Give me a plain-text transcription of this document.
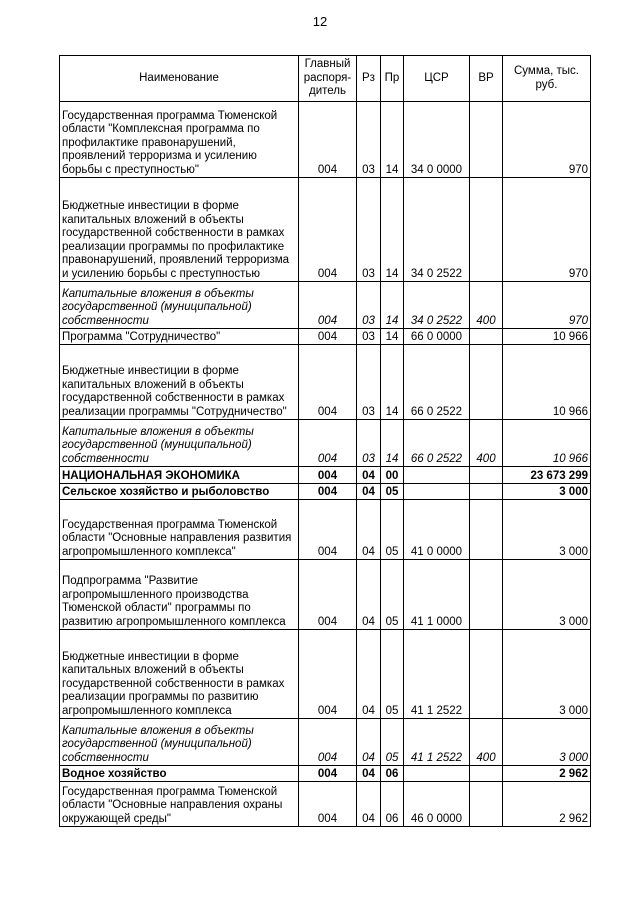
12
Наименование	Главный распоря-дитель	Рз	Пр	ЦСР	ВР	Сумма, тыс. руб.
Государственная программа Тюменской области "Комплексная программа по профилактике правонарушений, проявлений терроризма и усилению борьбы с преступностью"	004	03	14	34 0 0000		970
Бюджетные инвестиции в форме капитальных вложений в объекты государственной собственности в рамках реализации программы по профилактике правонарушений, проявлений терроризма и усилению борьбы с преступностью	004	03	14	34 0 2522		970
Капитальные вложения в объекты государственной (муниципальной) собственности	004	03	14	34 0 2522	400	970
Программа "Сотрудничество"	004	03	14	66 0 0000		10 966
Бюджетные инвестиции в форме капитальных вложений в объекты государственной собственности в рамках реализации программы "Сотрудничество"	004	03	14	66 0 2522		10 966
Капитальные вложения в объекты государственной (муниципальной) собственности	004	03	14	66 0 2522	400	10 966
НАЦИОНАЛЬНАЯ ЭКОНОМИКА	004	04	00			23 673 299
Сельское хозяйство и рыболовство	004	04	05			3 000
Государственная программа Тюменской области "Основные направления развития агропромышленного комплекса"	004	04	05	41 0 0000		3 000
Подпрограмма "Развитие агропромышленного производства Тюменской области" программы по развитию агропромышленного комплекса	004	04	05	41 1 0000		3 000
Бюджетные инвестиции в форме капитальных вложений в объекты государственной собственности в рамках реализации программы по развитию агропромышленного комплекса	004	04	05	41 1 2522		3 000
Капитальные вложения в объекты государственной (муниципальной) собственности	004	04	05	41 1 2522	400	3 000
Водное хозяйство	004	04	06			2 962
Государственная программа Тюменской области "Основные направления охраны окружающей среды"	004	04	06	46 0 0000		2 962
